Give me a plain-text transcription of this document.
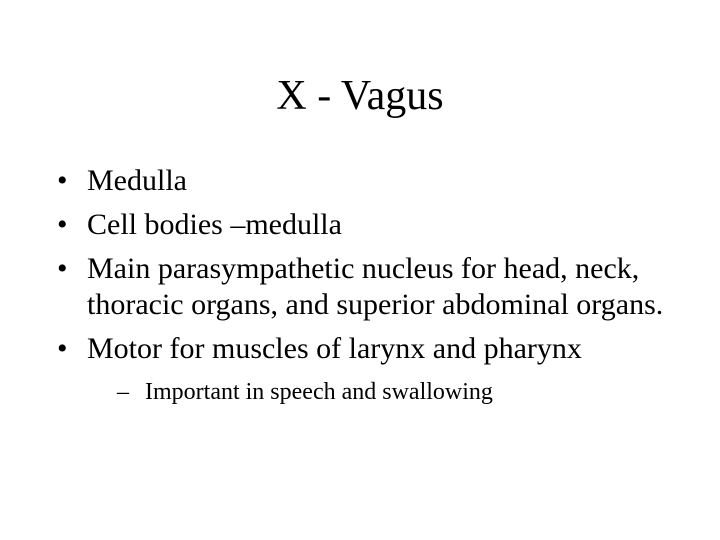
X - Vagus
• Medulla
• Cell bodies –medulla
• Main parasympathetic nucleus for head, neck, thoracic organs, and superior abdominal organs.
• Motor for muscles of larynx and pharynx
– Important in speech and swallowing
